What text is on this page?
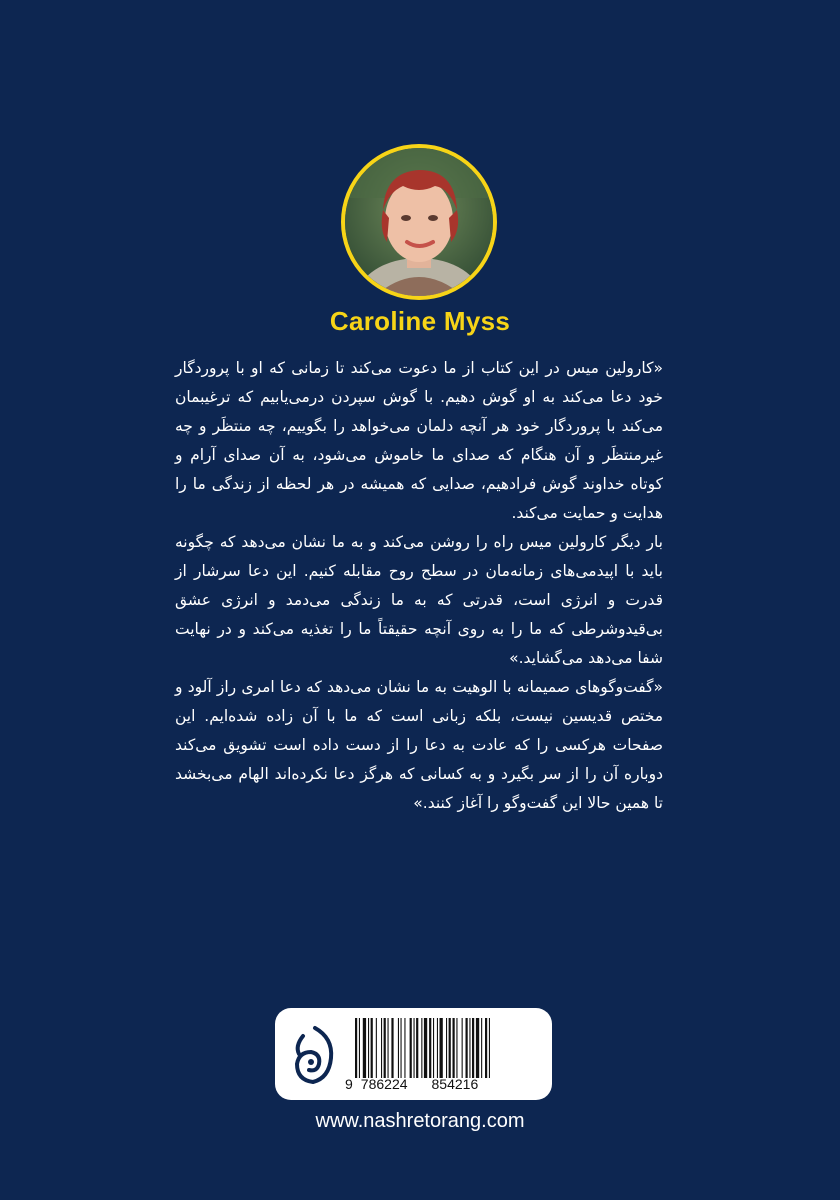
Caroline Myss

«کارولین میس در این کتاب از ما دعوت می‌کند تا زمانی که او با پروردگار خود دعا می‌کند به او گوش دهیم. با گوش سپردن درمی‌یابیم که ترغیبمان می‌کند با پروردگار خود هر آنچه دلمان می‌خواهد را بگوییم، چه منتظَر و چه غیرمنتظَر و آن هنگام که صدای ما خاموش می‌شود، به آن صدای آرام و کوتاه خداوند گوش فرادهیم، صدایی که همیشه در هر لحظه از زندگی ما را هدایت و حمایت می‌کند.

بار دیگر کارولین میس راه را روشن می‌کند و به ما نشان می‌دهد که چگونه باید با اپیدمی‌های زمانه‌مان در سطح روح مقابله کنیم. این دعا سرشار از قدرت و انرژی است، قدرتی که به ما زندگی می‌دمد و انرژی عشق بی‌قیدوشرطی که ما را به روی آنچه حقیقتاً ما را تغذیه می‌کند و در نهایت شفا می‌دهد می‌گشاید.»

«گفت‌وگوهای صمیمانه با الوهیت به ما نشان می‌دهد که دعا امری راز آلود و مختص قدیسین نیست، بلکه زبانی است که ما با آن زاده شده‌ایم. این صفحات هرکسی را که عادت به دعا را از دست داده است تشویق می‌کند دوباره آن را از سر بگیرد و به کسانی که هرگز دعا نکرده‌اند الهام می‌بخشد تا همین حالا این گفت‌وگو را آغاز کنند.»

9 786224 854216
www.nashretorang.com
